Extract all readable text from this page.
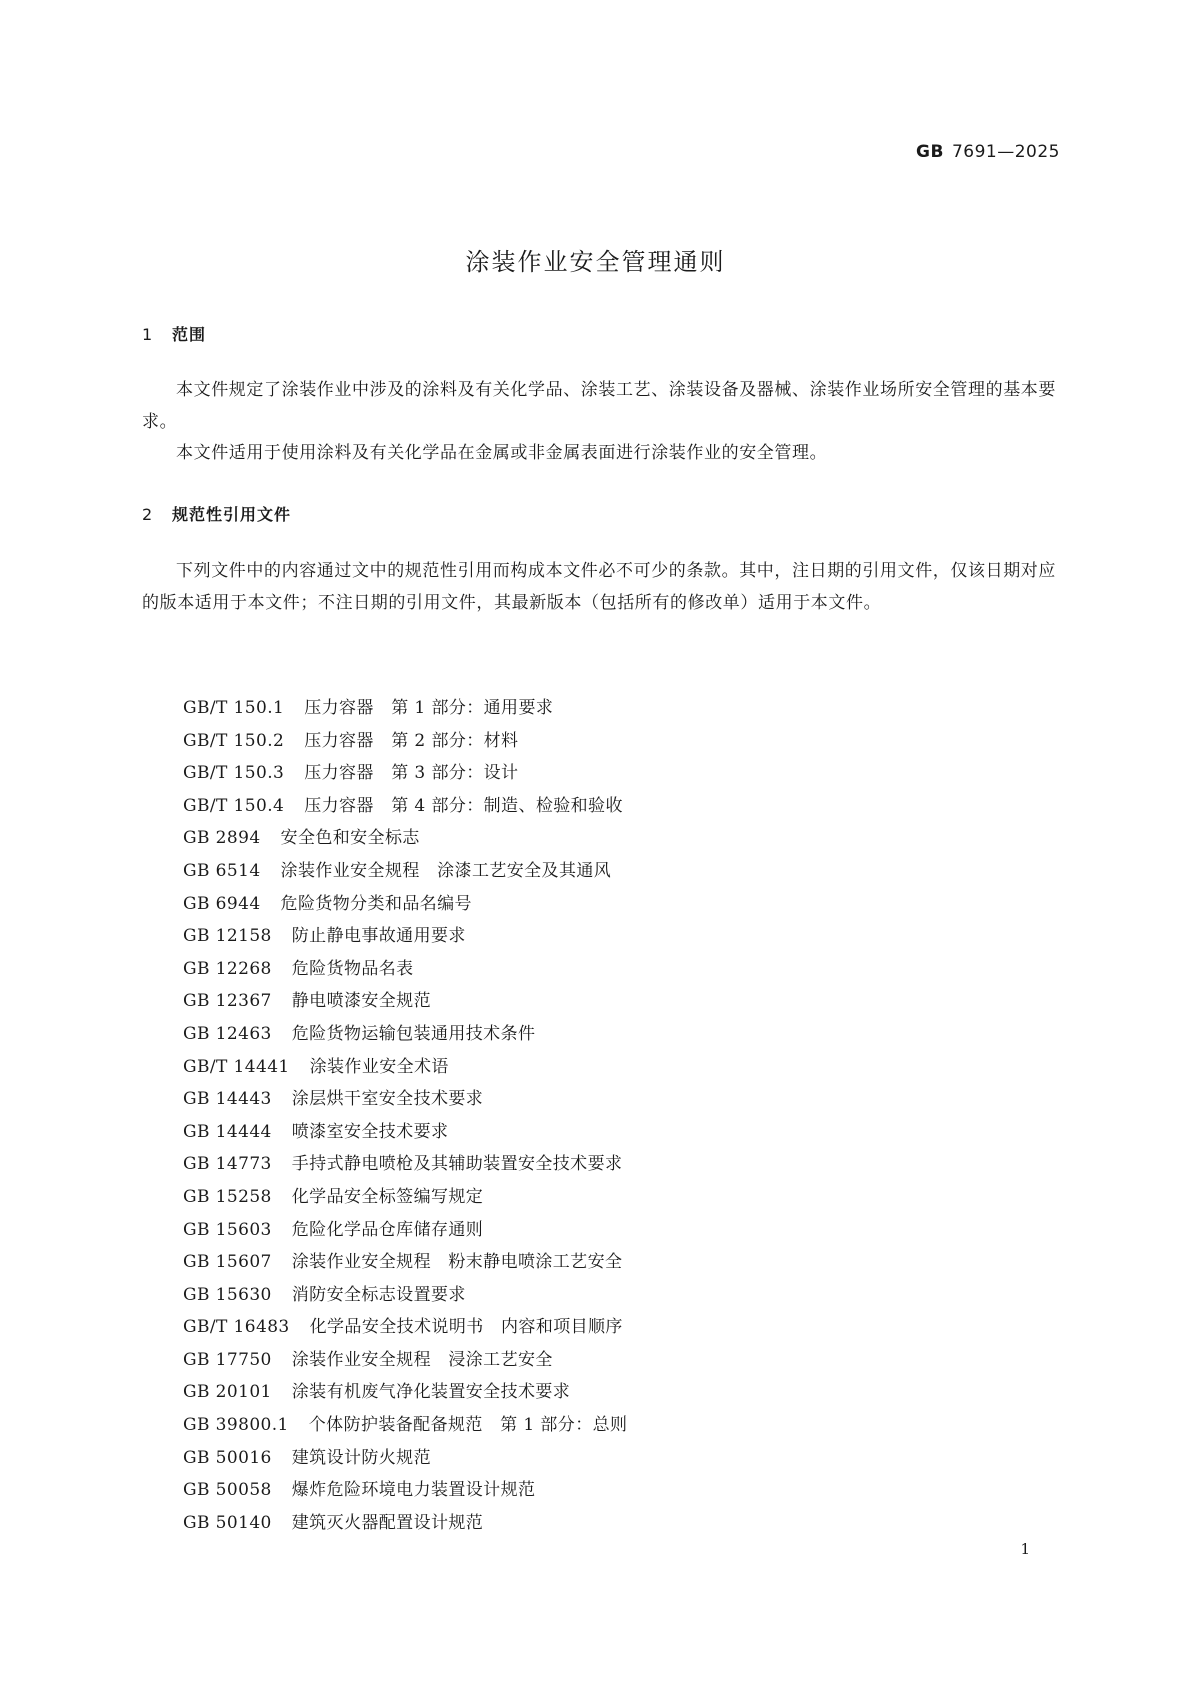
GB 7691—2025
涂装作业安全管理通则
1 范围

本文件规定了涂装作业中涉及的涂料及有关化学品、涂装工艺、涂装设备及器械、涂装作业场所安全管理的基本要求。

本文件适用于使用涂料及有关化学品在金属或非金属表面进行涂装作业的安全管理。

2 规范性引用文件

下列文件中的内容通过文中的规范性引用而构成本文件必不可少的条款。其中，注日期的引用文件，仅该日期对应的版本适用于本文件；不注日期的引用文件，其最新版本（包括所有的修改单）适用于本文件。

GB/T 150.1 压力容器　第 1 部分：通用要求
GB/T 150.2 压力容器　第 2 部分：材料
GB/T 150.3 压力容器　第 3 部分：设计
GB/T 150.4 压力容器　第 4 部分：制造、检验和验收
GB 2894 安全色和安全标志
GB 6514 涂装作业安全规程　涂漆工艺安全及其通风
GB 6944 危险货物分类和品名编号
GB 12158 防止静电事故通用要求
GB 12268 危险货物品名表
GB 12367 静电喷漆安全规范
GB 12463 危险货物运输包装通用技术条件
GB/T 14441 涂装作业安全术语
GB 14443 涂层烘干室安全技术要求
GB 14444 喷漆室安全技术要求
GB 14773 手持式静电喷枪及其辅助装置安全技术要求
GB 15258 化学品安全标签编写规定
GB 15603 危险化学品仓库储存通则
GB 15607 涂装作业安全规程　粉末静电喷涂工艺安全
GB 15630 消防安全标志设置要求
GB/T 16483 化学品安全技术说明书　内容和项目顺序
GB 17750 涂装作业安全规程　浸涂工艺安全
GB 20101 涂装有机废气净化装置安全技术要求
GB 39800.1 个体防护装备配备规范　第 1 部分：总则
GB 50016 建筑设计防火规范
GB 50058 爆炸危险环境电力装置设计规范
GB 50140 建筑灭火器配置设计规范
1
